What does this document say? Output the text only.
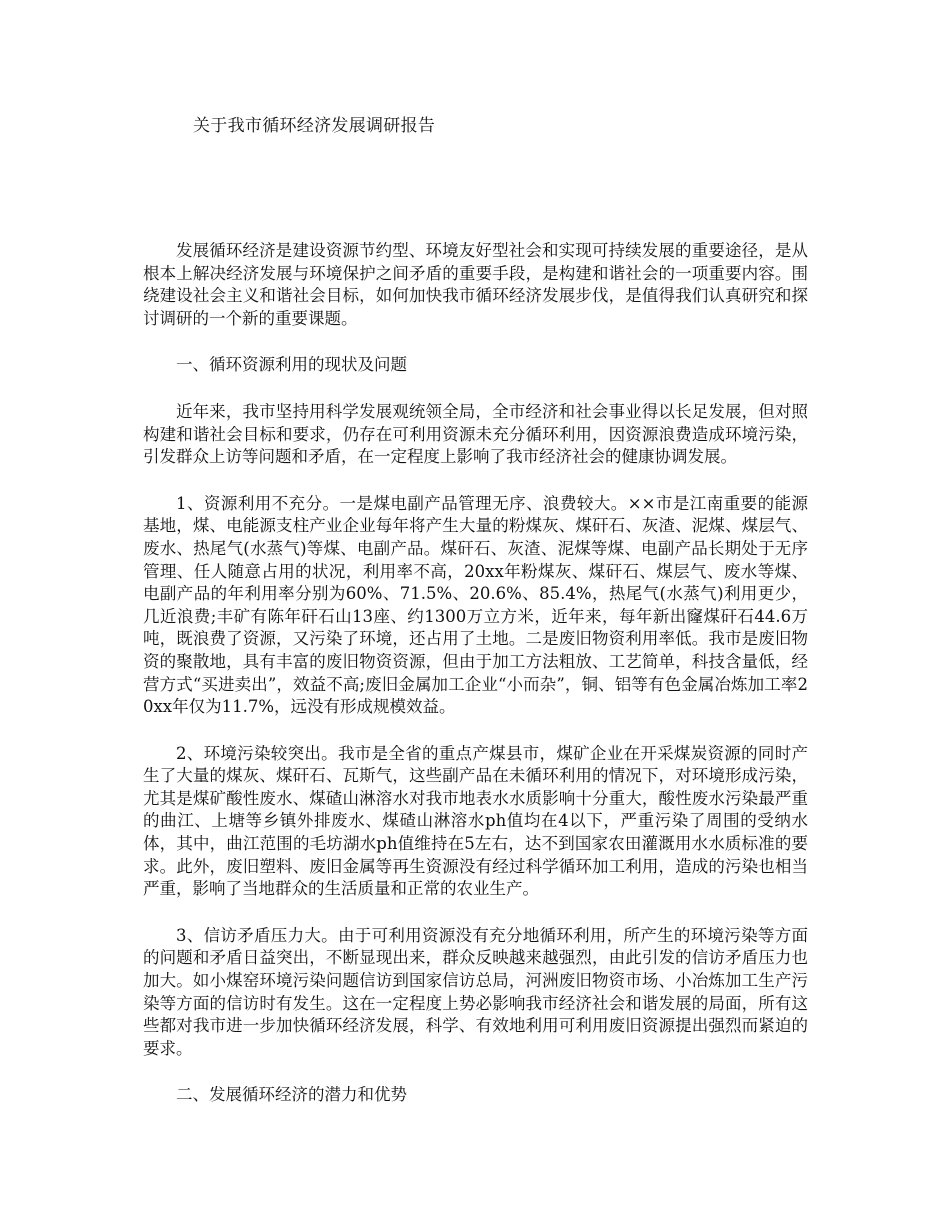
关于我市循环经济发展调研报告

发展循环经济是建设资源节约型、环境友好型社会和实现可持续发展的重要途径，是从根本上解决经济发展与环境保护之间矛盾的重要手段，是构建和谐社会的一项重要内容。围绕建设社会主义和谐社会目标，如何加快我市循环经济发展步伐，是值得我们认真研究和探讨调研的一个新的重要课题。

一、循环资源利用的现状及问题

近年来，我市坚持用科学发展观统领全局，全市经济和社会事业得以长足发展，但对照构建和谐社会目标和要求，仍存在可利用资源未充分循环利用，因资源浪费造成环境污染，引发群众上访等问题和矛盾，在一定程度上影响了我市经济社会的健康协调发展。

1、资源利用不充分。一是煤电副产品管理无序、浪费较大。××市是江南重要的能源基地，煤、电能源支柱产业企业每年将产生大量的粉煤灰、煤矸石、灰渣、泥煤、煤层气、废水、热尾气(水蒸气)等煤、电副产品。煤矸石、灰渣、泥煤等煤、电副产品长期处于无序管理、任人随意占用的状况，利用率不高，20xx年粉煤灰、煤矸石、煤层气、废水等煤、电副产品的年利用率分别为60%、71.5%、20.6%、85.4%，热尾气(水蒸气)利用更少，几近浪费;丰矿有陈年矸石山13座、约1300万立方米，近年来，每年新出窿煤矸石44.6万吨，既浪费了资源，又污染了环境，还占用了土地。二是废旧物资利用率低。我市是废旧物资的聚散地，具有丰富的废旧物资资源，但由于加工方法粗放、工艺简单，科技含量低，经营方式“买进卖出”，效益不高;废旧金属加工企业“小而杂”，铜、铝等有色金属冶炼加工率20xx年仅为11.7%，远没有形成规模效益。

2、环境污染较突出。我市是全省的重点产煤县市，煤矿企业在开采煤炭资源的同时产生了大量的煤灰、煤矸石、瓦斯气，这些副产品在未循环利用的情况下，对环境形成污染，尤其是煤矿酸性废水、煤碴山淋溶水对我市地表水水质影响十分重大，酸性废水污染最严重的曲江、上塘等乡镇外排废水、煤碴山淋溶水ph值均在4以下，严重污染了周围的受纳水体，其中，曲江范围的毛坊湖水ph值维持在5左右，达不到国家农田灌溉用水水质标准的要求。此外，废旧塑料、废旧金属等再生资源没有经过科学循环加工利用，造成的污染也相当严重，影响了当地群众的生活质量和正常的农业生产。

3、信访矛盾压力大。由于可利用资源没有充分地循环利用，所产生的环境污染等方面的问题和矛盾日益突出，不断显现出来，群众反映越来越强烈，由此引发的信访矛盾压力也加大。如小煤窑环境污染问题信访到国家信访总局，河洲废旧物资市场、小冶炼加工生产污染等方面的信访时有发生。这在一定程度上势必影响我市经济社会和谐发展的局面，所有这些都对我市进一步加快循环经济发展，科学、有效地利用可利用废旧资源提出强烈而紧迫的要求。

二、发展循环经济的潜力和优势
